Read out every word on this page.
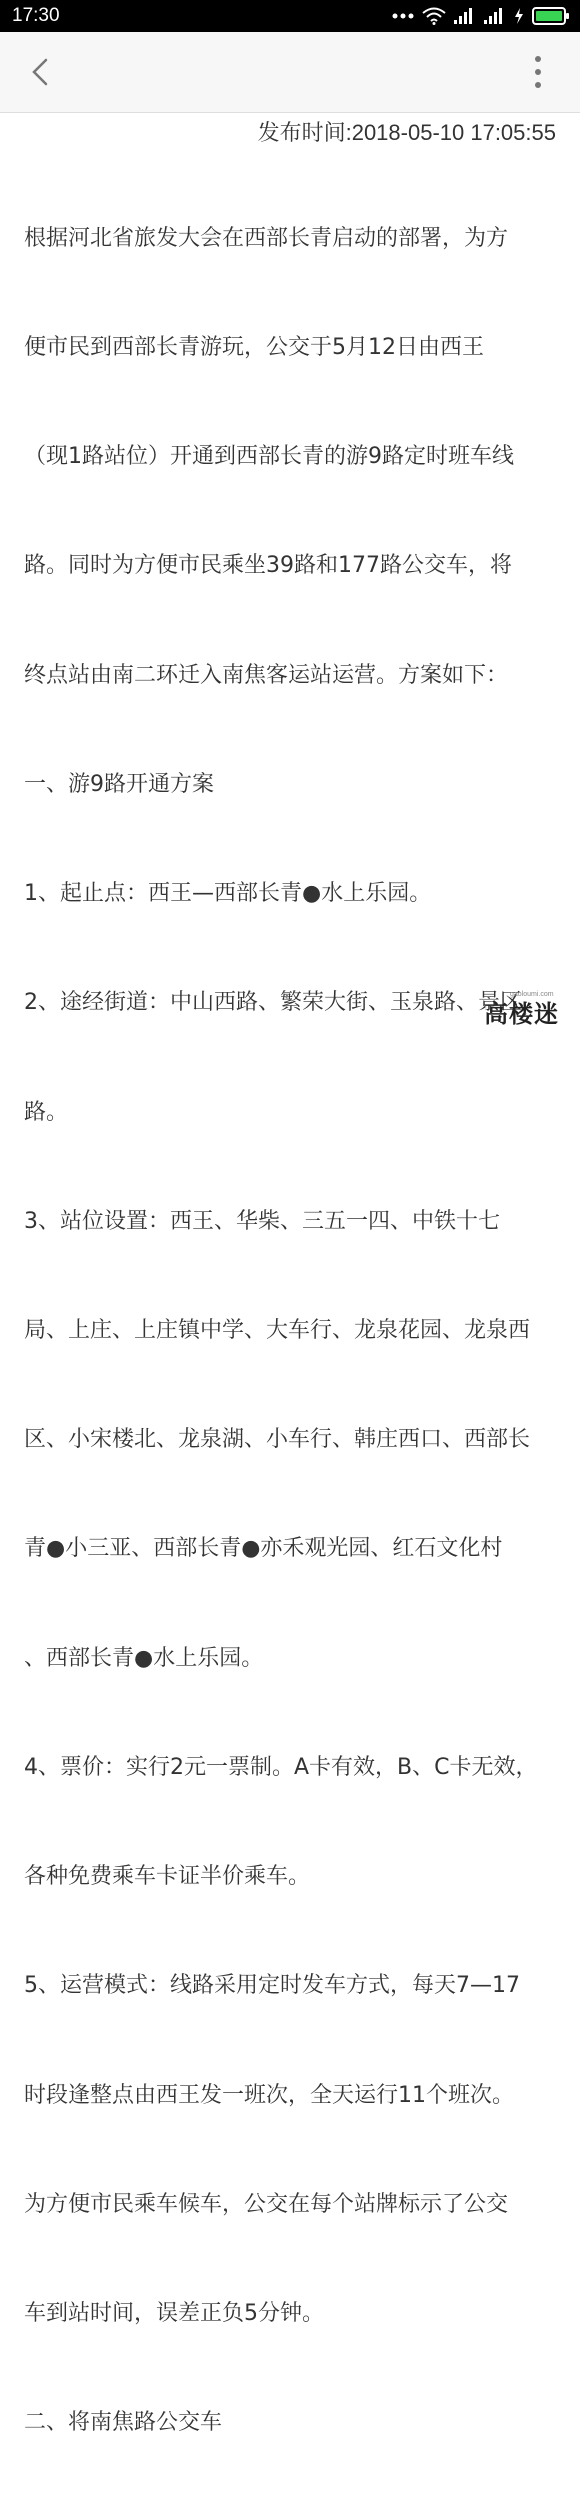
17:30
发布时间:2018-05-10 17:05:55

根据河北省旅发大会在西部长青启动的部署，为方

便市民到西部长青游玩，公交于5月12日由西王

（现1路站位）开通到西部长青的游9路定时班车线

路。同时为方便市民乘坐39路和177路公交车，将

终点站由南二环迁入南焦客运站运营。方案如下：

一、游9路开通方案

1、起止点：西王—西部长青●水上乐园。

2、途经街道：中山西路、繁荣大街、玉泉路、景区

路。

3、站位设置：西王、华柴、三五一四、中铁十七

局、上庄、上庄镇中学、大车行、龙泉花园、龙泉西

区、小宋楼北、龙泉湖、小车行、韩庄西口、西部长

青●小三亚、西部长青●亦禾观光园、红石文化村

、西部长青●水上乐园。

4、票价：实行2元一票制。A卡有效，B、C卡无效，

各种免费乘车卡证半价乘车。

5、运营模式：线路采用定时发车方式，每天7—17

时段逢整点由西王发一班次，全天运行11个班次。

为方便市民乘车候车，公交在每个站牌标示了公交

车到站时间，误差正负5分钟。

二、将南焦路公交车

gaoloumi.com
高楼迷
